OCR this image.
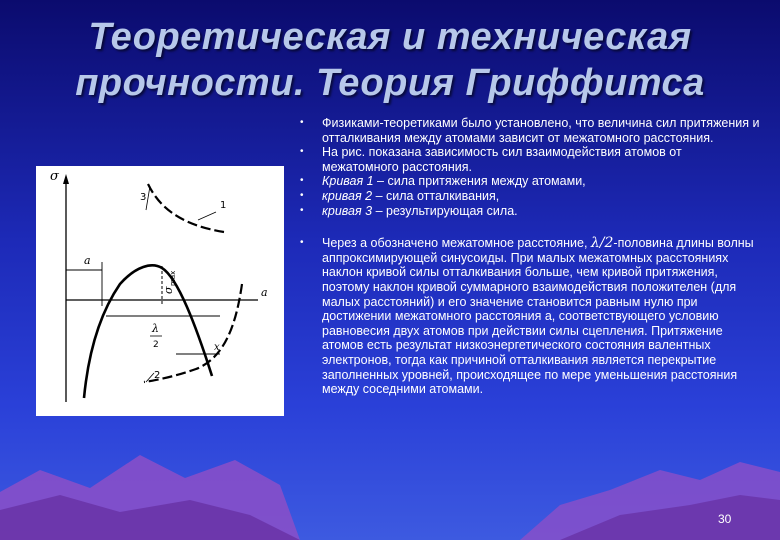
Теоретическая и техническая
прочности. Теория Гриффитса
σ
a
a
3
1
2
x
σ
max
λ
2
•	Физиками-теоретиками было установлено, что величина сил притяжения и отталкивания между атомами зависит от межатомного расстояния.
•	На рис. показана зависимость сил взаимодействия атомов от межатомного расстояния.
•	Кривая 1 – сила притяжения между атомами,
•	кривая 2 – сила отталкивания,
•	кривая 3 – результирующая сила.
•	Через a обозначено межатомное расстояние, λ/2-половина длины волны аппроксимирующей синусоиды. При малых межатомных расстояниях наклон кривой силы отталкивания больше, чем кривой притяжения, поэтому наклон кривой суммарного взаимодействия положителен (для малых расстояний) и его значение становится равным нулю при достижении межатомного расстояния a, соответствующего условию равновесия двух атомов при действии силы сцепления. Притяжение атомов есть результат низкоэнергетического состояния валентных электронов, тогда как причиной отталкивания является перекрытие заполненных уровней, происходящее по мере уменьшения расстояния между соседними атомами.
30
